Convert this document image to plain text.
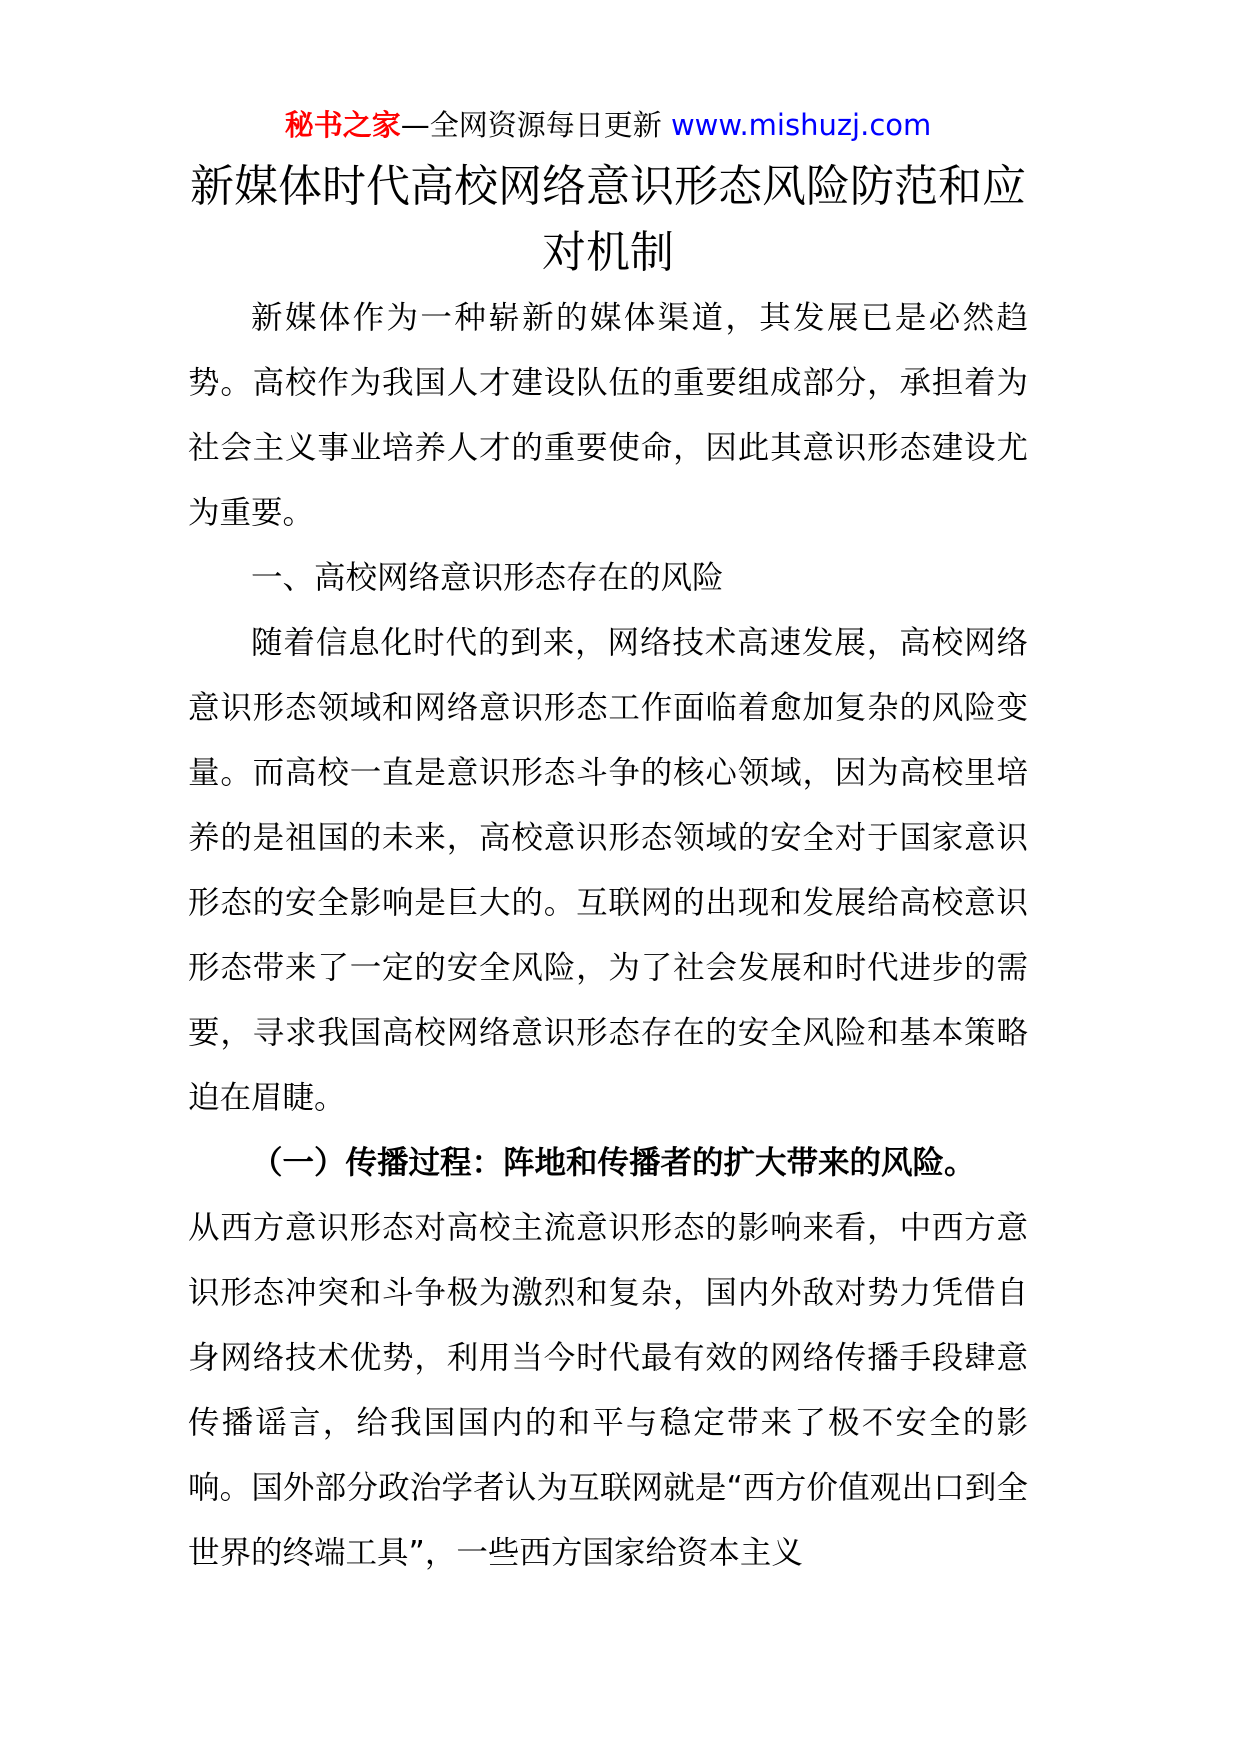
秘书之家—全网资源每日更新 www.mishuzj.com
新媒体时代高校网络意识形态风险防范和应对机制

新媒体作为一种崭新的媒体渠道，其发展已是必然趋势。高校作为我国人才建设队伍的重要组成部分，承担着为社会主义事业培养人才的重要使命，因此其意识形态建设尤为重要。

一、高校网络意识形态存在的风险

随着信息化时代的到来，网络技术高速发展，高校网络意识形态领域和网络意识形态工作面临着愈加复杂的风险变量。而高校一直是意识形态斗争的核心领域，因为高校里培养的是祖国的未来，高校意识形态领域的安全对于国家意识形态的安全影响是巨大的。互联网的出现和发展给高校意识形态带来了一定的安全风险，为了社会发展和时代进步的需要，寻求我国高校网络意识形态存在的安全风险和基本策略迫在眉睫。

（一）传播过程：阵地和传播者的扩大带来的风险。

从西方意识形态对高校主流意识形态的影响来看，中西方意识形态冲突和斗争极为激烈和复杂，国内外敌对势力凭借自身网络技术优势，利用当今时代最有效的网络传播手段肆意传播谣言，给我国国内的和平与稳定带来了极不安全的影响。国外部分政治学者认为互联网就是“西方价值观出口到全世界的终端工具”，一些西方国家给资本主义
